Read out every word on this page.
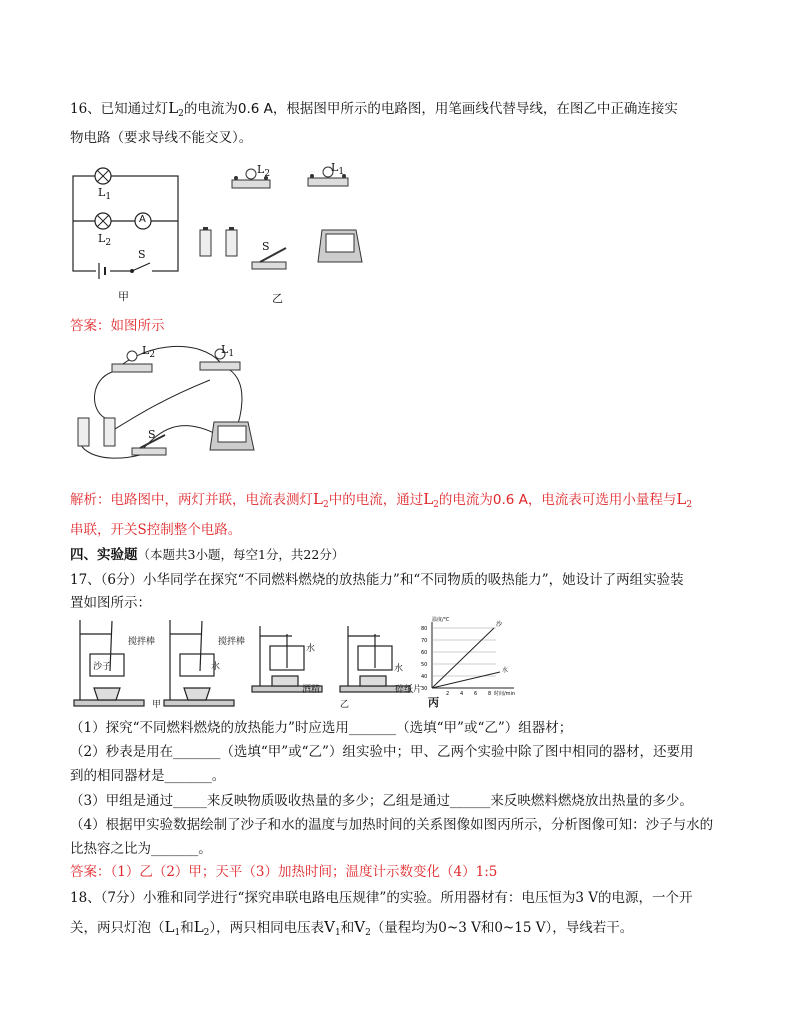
16、已知通过灯$L_2$的电流为0.6 A，根据图甲所示的电路图，用笔画线代替导线，在图乙中正确连接实
物电路（要求导线不能交叉）。
$L_1$
$L_2$
A
S
甲
$L_2$	$L_1$
S
乙
答案：如图所示
$L_2$	$L_1$
S
解析：电路图中，两灯并联，电流表测灯$L_2$中的电流，通过$L_2$的电流为0.6 A，电流表可选用小量程与$L_2$
串联，开关S控制整个电路。
四、实验题（本题共3小题，每空1分，共22分）
17、（6分）小华同学在探究“不同燃料燃烧的放热能力”和“不同物质的吸热能力”，她设计了两组实验装
置如图所示：
搅拌棒
沙子
搅拌棒
水
水
水
酒精	碎纸片
甲	乙
温度/℃
时间/min
80
70
60
50
40
30
2 4 6 8
沙
水
丙
（1）探究“不同燃料燃烧的放热能力”时应选用_______（选填“甲”或“乙”）组器材；
（2）秒表是用在_______（选填“甲”或“乙”）组实验中；甲、乙两个实验中除了图中相同的器材，还要用
到的相同器材是_______。
（3）甲组是通过_____来反映物质吸收热量的多少；乙组是通过______来反映燃料燃烧放出热量的多少。
（4）根据甲实验数据绘制了沙子和水的温度与加热时间的关系图像如图丙所示，分析图像可知：沙子与水的
比热容之比为_______。
答案：（1）乙（2）甲；天平（3）加热时间；温度计示数变化（4）1:5
18、（7分）小雅和同学进行“探究串联电路电压规律”的实验。所用器材有：电压恒为3 V的电源，一个开
关，两只灯泡（$L_1$和$L_2$），两只相同电压表$V_1$和$V_2$（量程均为0~3 V和0~15 V），导线若干。
